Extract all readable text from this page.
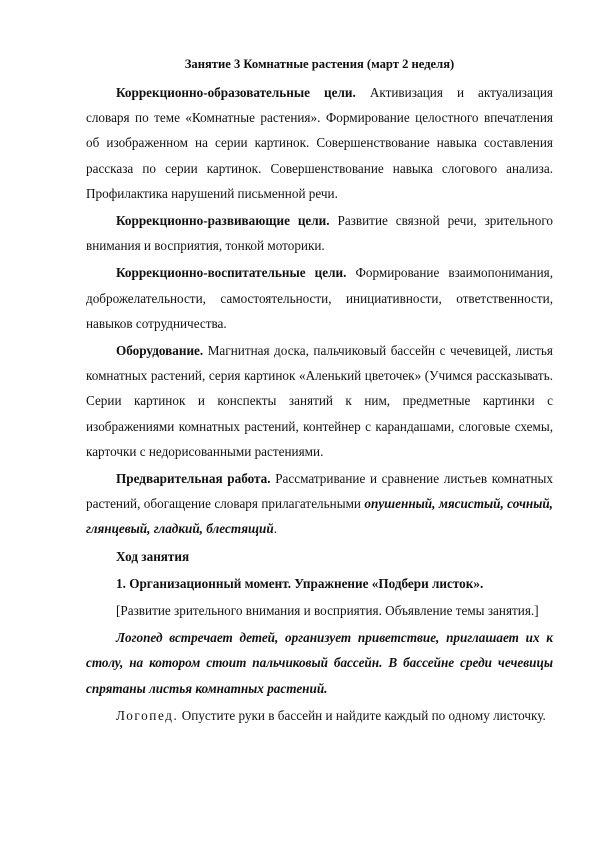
Занятие 3 Комнатные растения (март 2 неделя)

Коррекционно-образовательные цели. Активизация и актуализация словаря по теме «Комнатные растения». Формирование целостного впечатления об изображенном на серии картинок. Совершенствование навыка составления рассказа по серии картинок. Совершенствование навыка слогового анализа. Профилактика нарушений письменной речи.

Коррекционно-развивающие цели. Развитие связной речи, зрительного внимания и восприятия, тонкой моторики.

Коррекционно-воспитательные цели. Формирование взаимопонимания, доброжелательности, самостоятельности, инициативности, ответственности, навыков сотрудничества.

Оборудование. Магнитная доска, пальчиковый бассейн с чечевицей, листья комнатных растений, серия картинок «Аленький цветочек» (Учимся рассказывать. Серии картинок и конспекты занятий к ним, предметные картинки с изображениями комнатных растений, контейнер с карандашами, слоговые схемы, карточки с недорисованными растениями.

Предварительная работа. Рассматривание и сравнение листьев комнатных растений, обогащение словаря прилагательными опушенный, мясистый, сочный, глянцевый, гладкий, блестящий.

Ход занятия

1. Организационный момент. Упражнение «Подбери листок».

[Развитие зрительного внимания и восприятия. Объявление темы занятия.]

Логопед встречает детей, организует приветствие, приглашает их к столу, на котором стоит пальчиковый бассейн. В бассейне среди чечевицы спрятаны листья комнатных растений.

Логопед. Опустите руки в бассейн и найдите каждый по одному листочку.
